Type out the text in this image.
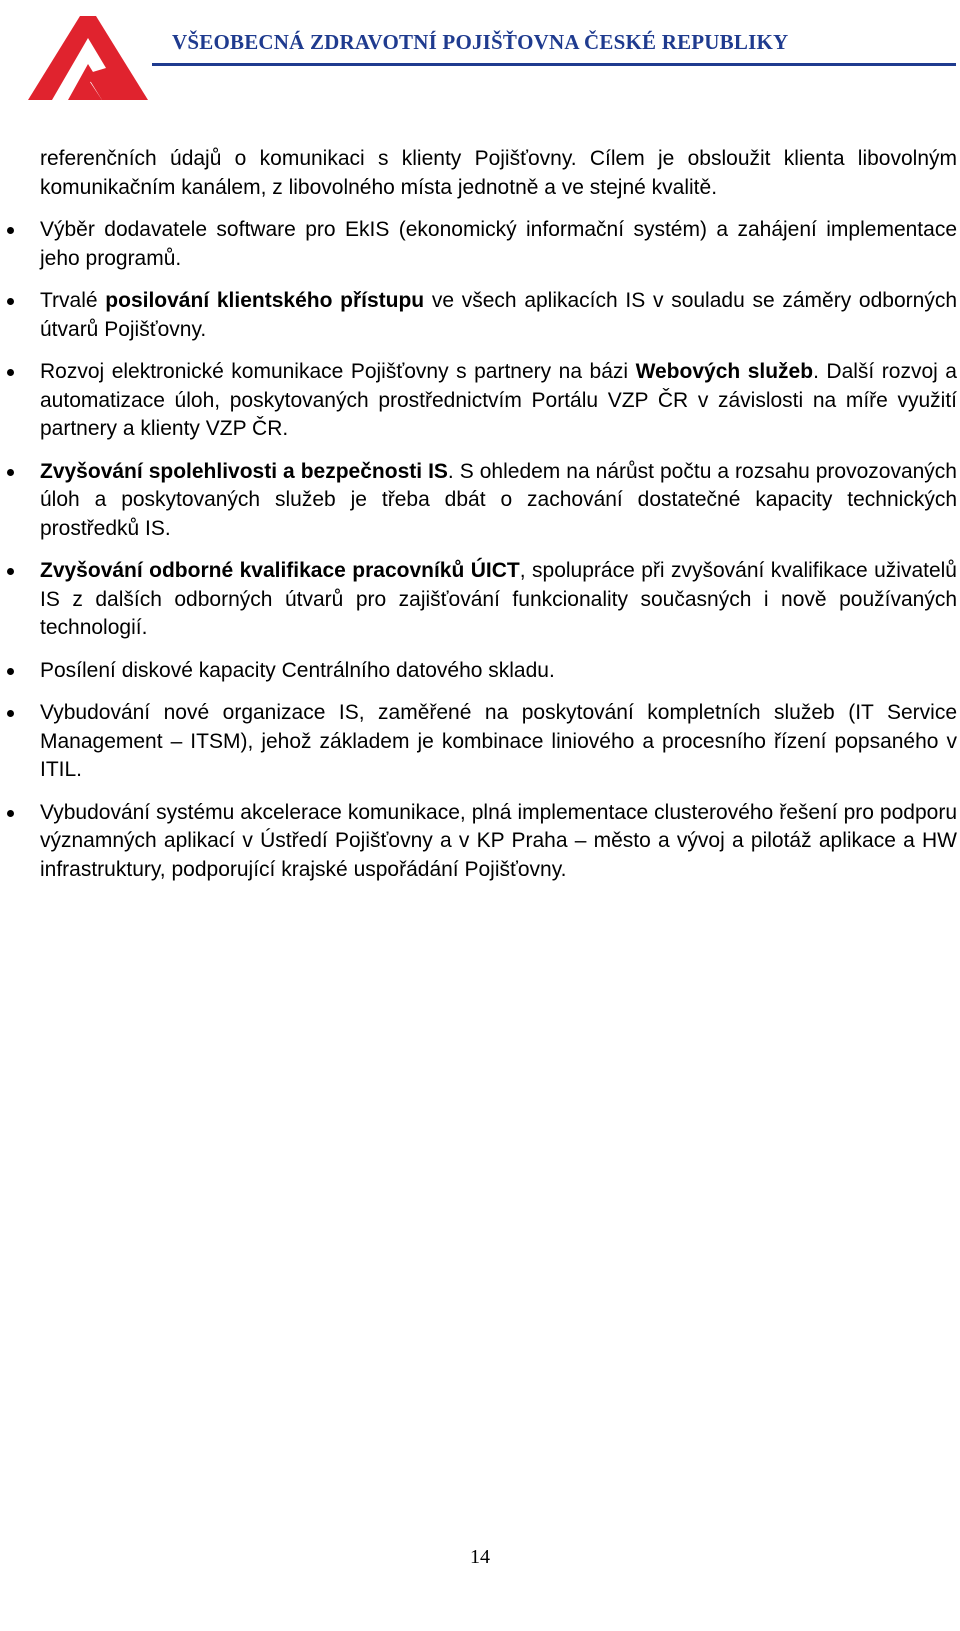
VŠEOBECNÁ ZDRAVOTNÍ POJIŠŤOVNA ČESKÉ REPUBLIKY

referenčních údajů o komunikaci s klienty Pojišťovny. Cílem je obsloužit klienta libovolným komunikačním kanálem, z libovolného místa jednotně a ve stejné kvalitě.

Výběr dodavatele software pro EkIS (ekonomický informační systém) a zahájení implementace jeho programů.
Trvalé posilování klientského přístupu ve všech aplikacích IS v souladu se záměry odborných útvarů Pojišťovny.
Rozvoj elektronické komunikace Pojišťovny s partnery na bázi Webových služeb. Další rozvoj a automatizace úloh, poskytovaných prostřednictvím Portálu VZP ČR v závislosti na míře využití partnery a klienty VZP ČR.
Zvyšování spolehlivosti a bezpečnosti IS. S ohledem na nárůst počtu a rozsahu provozovaných úloh a poskytovaných služeb je třeba dbát o zachování dostatečné kapacity technických prostředků IS.
Zvyšování odborné kvalifikace pracovníků ÚICT, spolupráce při zvyšování kvalifikace uživatelů IS z dalších odborných útvarů pro zajišťování funkcionality současných i nově používaných technologií.
Posílení diskové kapacity Centrálního datového skladu.
Vybudování nové organizace IS, zaměřené na poskytování kompletních služeb (IT Service Management – ITSM), jehož základem je kombinace liniového a procesního řízení popsaného v ITIL.
Vybudování systému akcelerace komunikace, plná implementace clusterového řešení pro podporu významných aplikací v Ústředí Pojišťovny a v KP Praha – město a vývoj a pilotáž aplikace a HW infrastruktury, podporující krajské uspořádání Pojišťovny.
14
